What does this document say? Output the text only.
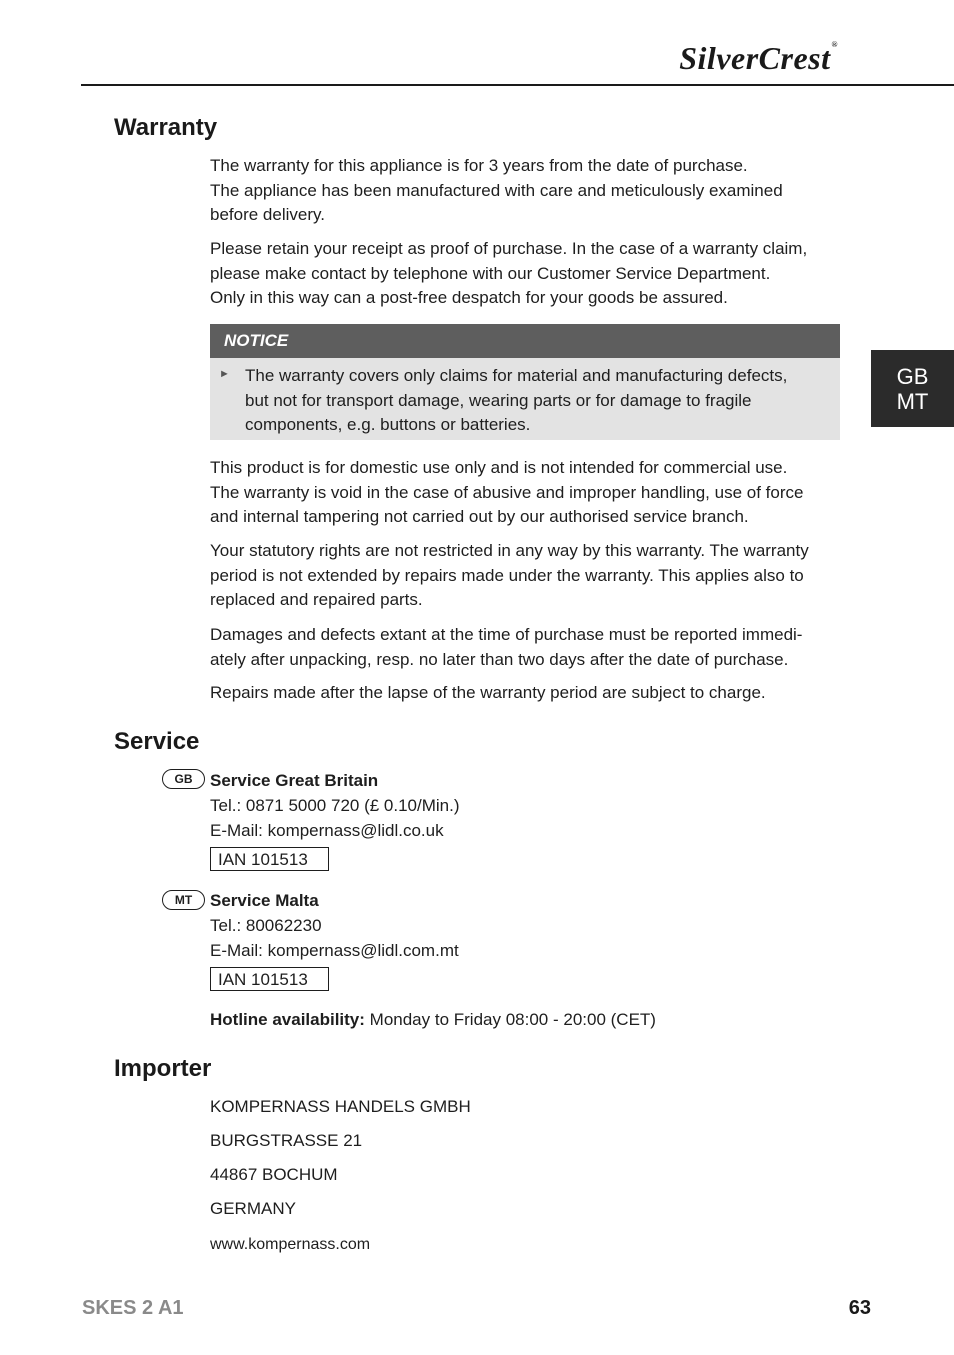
SilverCrest®
GB
MT
Warranty

The warranty for this appliance is for 3 years from the date of purchase.

The appliance has been manufactured with care and meticulously examined

before delivery.

Please retain your receipt as proof of purchase. In the case of a warranty claim,

please make contact by telephone with our Customer Service Department.

Only in this way can a post-free despatch for your goods be assured.

NOTICE
► The warranty covers only claims for material and manufacturing defects,

but not for transport damage, wearing parts or for damage to fragile

components, e.g. buttons or batteries.

This product is for domestic use only and is not intended for commercial use.

The warranty is void in the case of abusive and improper handling, use of force

and internal tampering not carried out by our authorised service branch.

Your statutory rights are not restricted in any way by this warranty. The warranty

period is not extended by repairs made under the warranty. This applies also to

replaced and repaired parts.

Damages and defects extant at the time of purchase must be reported immedi-

ately after unpacking, resp. no later than two days after the date of purchase.

Repairs made after the lapse of the warranty period are subject to charge.

Service
GB	Service Great Britain
Tel.: 0871 5000 720 (£ 0.10/Min.)
E-Mail: kompernass@lidl.co.uk
IAN 101513
MT	Service Malta
Tel.: 80062230
E-Mail: kompernass@lidl.com.mt
IAN 101513
Hotline availability: Monday to Friday 08:00 - 20:00 (CET)
Importer
KOMPERNASS HANDELS GMBH
BURGSTRASSE 21
44867 BOCHUM
GERMANY
www.kompernass.com
SKES 2 A1	63
